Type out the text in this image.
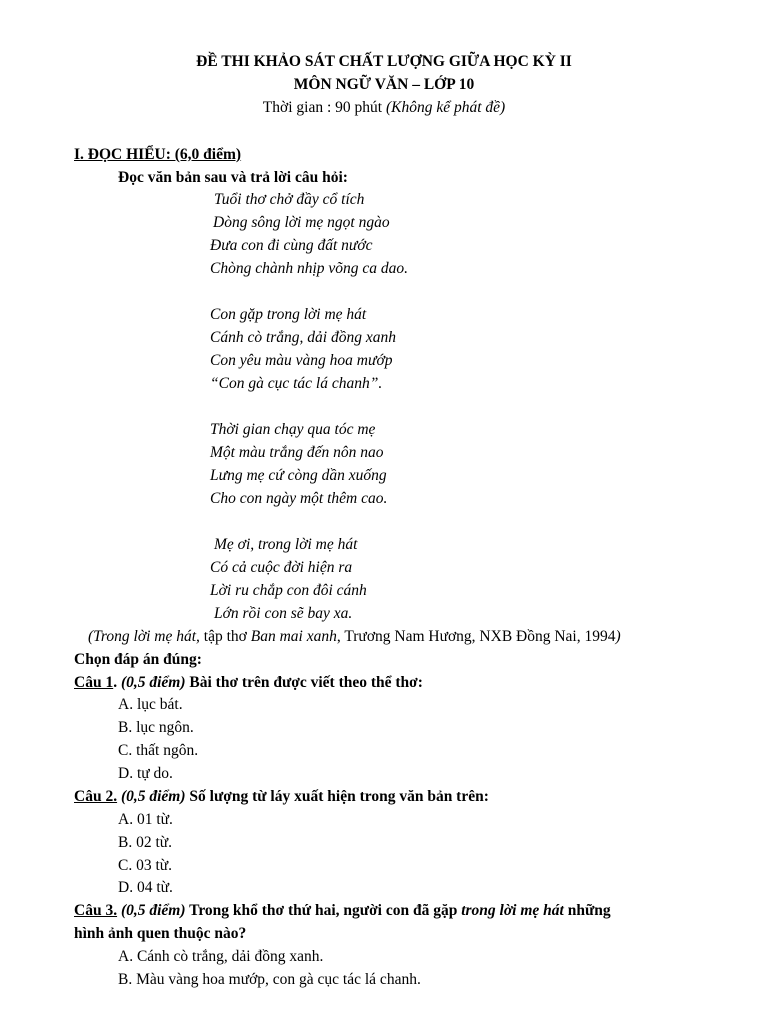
ĐỀ THI KHẢO SÁT CHẤT LƯỢNG GIỮA HỌC KỲ II
MÔN NGỮ VĂN – LỚP 10
Thời gian : 90 phút (Không kể phát đề)
I. ĐỌC HIỂU: (6,0 điểm)
Đọc văn bản sau và trả lời câu hỏi:
Tuổi thơ chở đầy cổ tích
Dòng sông lời mẹ ngọt ngào
Đưa con đi cùng đất nước
Chòng chành nhịp võng ca dao.
Con gặp trong lời mẹ hát
Cánh cò trắng, dải đồng xanh
Con yêu màu vàng hoa mướp
“Con gà cục tác lá chanh”.
Thời gian chạy qua tóc mẹ
Một màu trắng đến nôn nao
Lưng mẹ cứ còng dần xuống
Cho con ngày một thêm cao.
Mẹ ơi, trong lời mẹ hát
Có cả cuộc đời hiện ra
Lời ru chắp con đôi cánh
Lớn rồi con sẽ bay xa.
(Trong lời mẹ hát, tập thơ Ban mai xanh, Trương Nam Hương, NXB Đồng Nai, 1994)
Chọn đáp án đúng:
Câu 1. (0,5 điểm) Bài thơ trên được viết theo thể thơ:
A. lục bát.
B. lục ngôn.
C. thất ngôn.
D. tự do.
Câu 2. (0,5 điểm) Số lượng từ láy xuất hiện trong văn bản trên:
A. 01 từ.
B. 02 từ.
C. 03 từ.
D. 04 từ.
Câu 3. (0,5 điểm) Trong khổ thơ thứ hai, người con đã gặp trong lời mẹ hát những
hình ảnh quen thuộc nào?
A. Cánh cò trắng, dải đồng xanh.
B. Màu vàng hoa mướp, con gà cục tác lá chanh.
